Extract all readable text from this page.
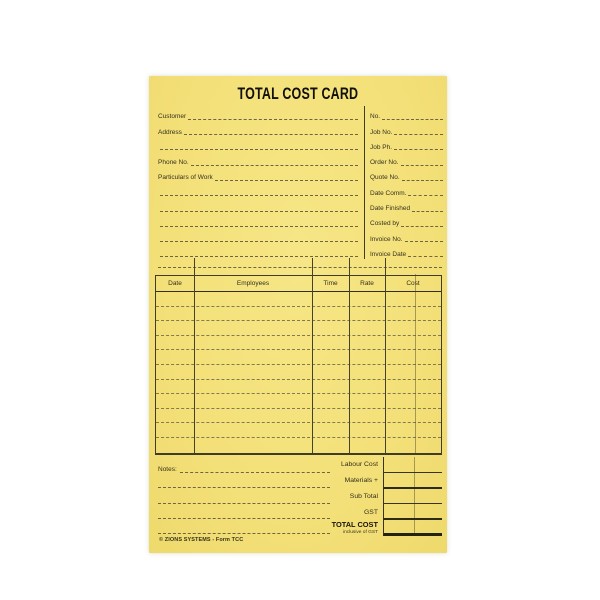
TOTAL COST CARD
Customer
Address
Phone No.
Particulars of Work
No.
Job No.
Job Ph.
Order No.
Quote No.
Date Comm.
Date Finished
Costed by
Invoice No.
Invoice Date
Date	Employees	Time	Rate	Cost
Notes:
Labour Cost
Materials +
Sub Total
GST
TOTAL COST
inclusive of GST
© ZIONS SYSTEMS - Form TCC
